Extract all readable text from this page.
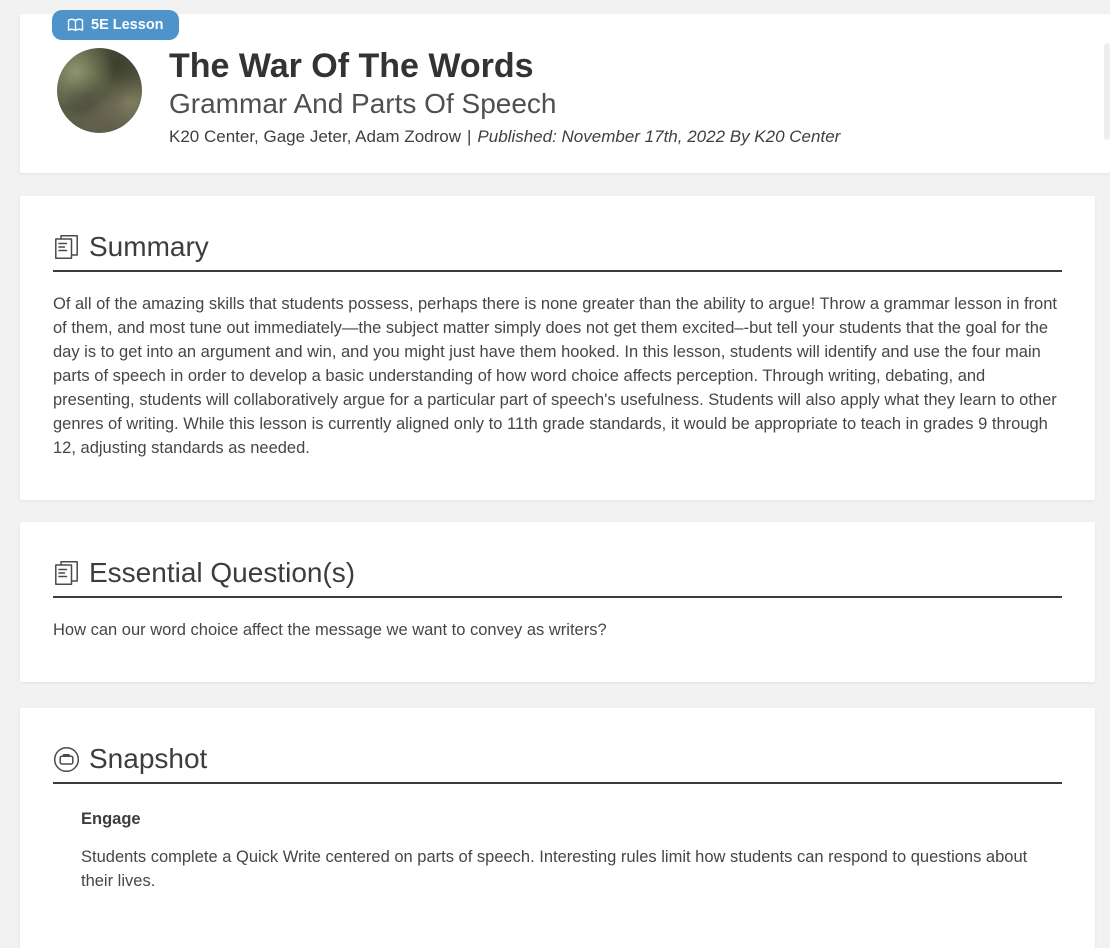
5E Lesson
The War Of The Words
Grammar And Parts Of Speech
K20 Center, Gage Jeter, Adam Zodrow | Published: November 17th, 2022 By K20 Center
Summary
Of all of the amazing skills that students possess, perhaps there is none greater than the ability to argue! Throw a grammar lesson in front of them, and most tune out immediately—the subject matter simply does not get them excited–-but tell your students that the goal for the day is to get into an argument and win, and you might just have them hooked. In this lesson, students will identify and use the four main parts of speech in order to develop a basic understanding of how word choice affects perception. Through writing, debating, and presenting, students will collaboratively argue for a particular part of speech's usefulness. Students will also apply what they learn to other genres of writing. While this lesson is currently aligned only to 11th grade standards, it would be appropriate to teach in grades 9 through 12, adjusting standards as needed.
Essential Question(s)
How can our word choice affect the message we want to convey as writers?
Snapshot
Engage
Students complete a Quick Write centered on parts of speech. Interesting rules limit how students can respond to questions about their lives.
